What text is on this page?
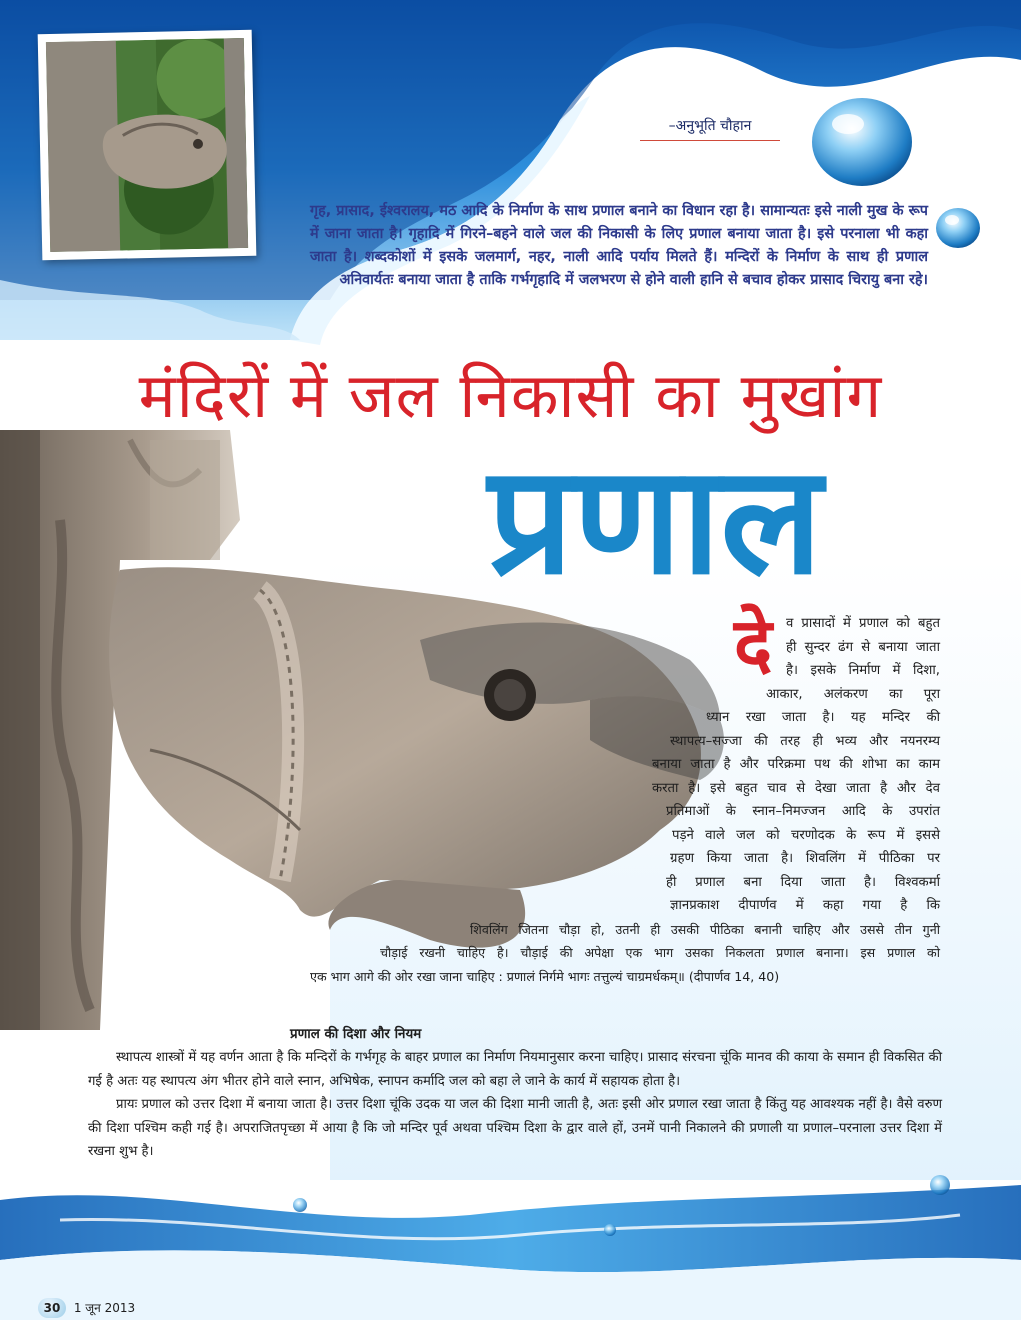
–अनुभूति चौहान
गृह, प्रासाद, ईश्वरालय, मठ आदि के निर्माण के साथ प्रणाल बनाने का विधान रहा है। सामान्यतः इसे नाली मुख के रूप में जाना जाता है। गृहादि में गिरने–बहने वाले जल की निकासी के लिए प्रणाल बनाया जाता है। इसे परनाला भी कहा जाता है। शब्दकोशों में इसके जलमार्ग, नहर, नाली आदि पर्याय मिलते हैं। मन्दिरों के निर्माण के साथ ही प्रणाल अनिवार्यतः बनाया जाता है ताकि गर्भगृहादि में जलभरण से होने वाली हानि से बचाव होकर प्रासाद चिरायु बना रहे।
मंदिरों में जल निकासी का मुखांग
प्रणाल
दे व प्रासादों में प्रणाल को बहुत
ही सुन्दर ढंग से बनाया जाता
है। इसके निर्माण में दिशा,
आकार, अलंकरण का पूरा
ध्यान रखा जाता है। यह मन्दिर की
स्थापत्य–सज्जा की तरह ही भव्य और नयनरम्य
बनाया जाता है और परिक्रमा पथ की शोभा का काम
करता है। इसे बहुत चाव से देखा जाता है और देव
प्रतिमाओं के स्नान–निमज्जन आदि के उपरांत
पड़ने वाले जल को चरणोदक के रूप में इससे
ग्रहण किया जाता है। शिवलिंग में पीठिका पर
ही प्रणाल बना दिया जाता है। विश्वकर्मा
ज्ञानप्रकाश दीपार्णव में कहा गया है कि
शिवलिंग जितना चौड़ा हो, उतनी ही उसकी पीठिका बनानी चाहिए और उससे तीन गुनी
चौड़ाई रखनी चाहिए है। चौड़ाई की अपेक्षा एक भाग उसका निकलता प्रणाल बनाना। इस प्रणाल को
एक भाग आगे की ओर रखा जाना चाहिए : प्रणालं निर्गमे भागः तत्तुल्यं चाग्रमर्धकम्॥ (दीपार्णव 14, 40)
प्रणाल की दिशा और नियम

स्थापत्य शास्त्रों में यह वर्णन आता है कि मन्दिरों के गर्भगृह के बाहर प्रणाल का निर्माण नियमानुसार करना चाहिए। प्रासाद संरचना चूंकि मानव की काया के समान ही विकसित की गई है अतः यह स्थापत्य अंग भीतर होने वाले स्नान, अभिषेक, स्नापन कर्मादि जल को बहा ले जाने के कार्य में सहायक होता है।

प्रायः प्रणाल को उत्तर दिशा में बनाया जाता है। उत्तर दिशा चूंकि उदक या जल की दिशा मानी जाती है, अतः इसी ओर प्रणाल रखा जाता है किंतु यह आवश्यक नहीं है। वैसे वरुण की दिशा पश्चिम कही गई है। अपराजितपृच्छा में आया है कि जो मन्दिर पूर्व अथवा पश्चिम दिशा के द्वार वाले हों, उनमें पानी निकालने की प्रणाली या प्रणाल–परनाला उत्तर दिशा में रखना शुभ है।

30 1 जून 2013
